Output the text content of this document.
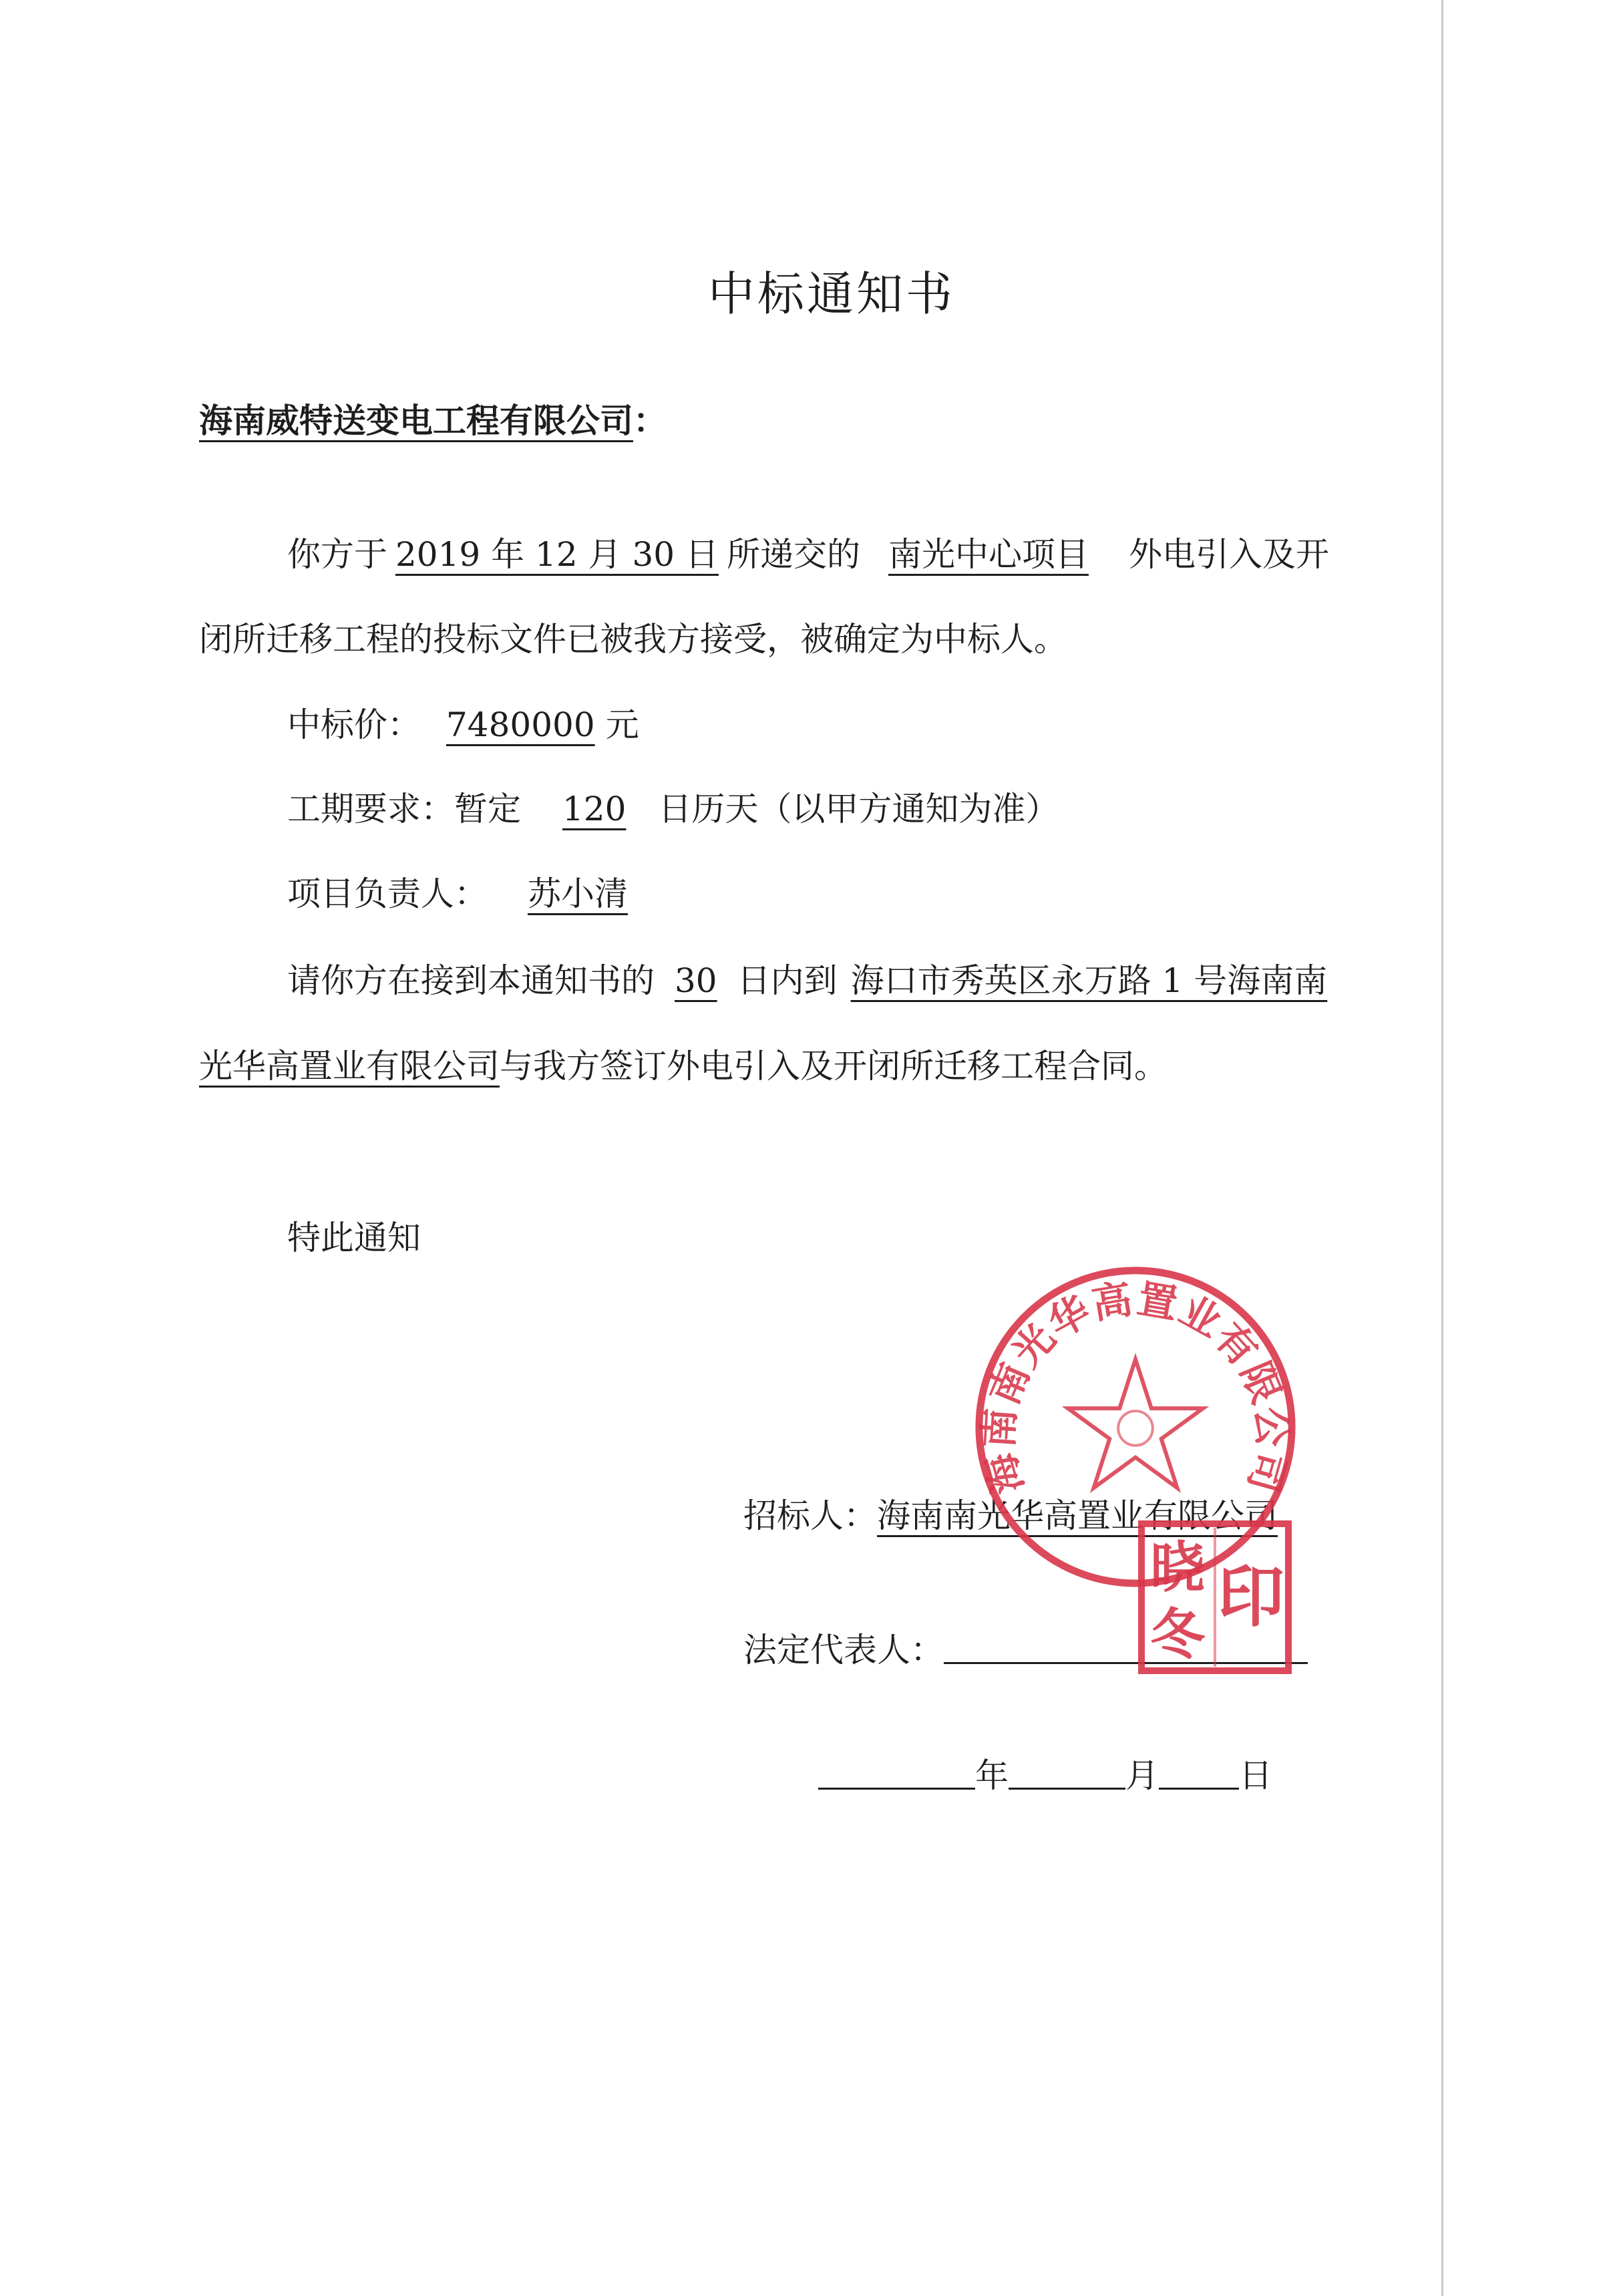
中标通知书
海南威特送变电工程有限公司：
你方于 2019 年 12 月 30 日 所递交的 南光中心项目 外电引入及开
闭所迁移工程的投标文件已被我方接受，被确定为中标人。
中标价： 7480000 元
工期要求：暂定 120 日历天（以甲方通知为准）
项目负责人： 苏小清
请你方在接到本通知书的 30 日内到 海口市秀英区永万路 1 号海南南
光华高置业有限公司与我方签订外电引入及开闭所迁移工程合同。
特此通知
招标人：海南南光华高置业有限公司
法定代表人：
年	月 日
海南南光华高置业有限公司
晓
冬 印
